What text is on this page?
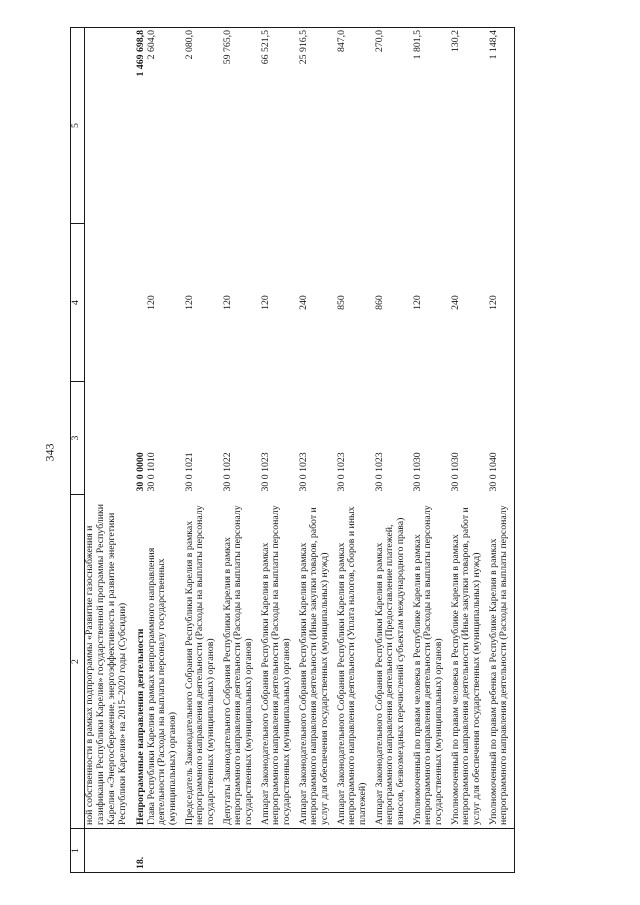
343
1	2	3	4	5
	ной собственности в рамках подпрограммы «Развитие газоснабжения и газификации Республики Карелия» государственной программы Республики Карелия «Энергосбережение, энергоэффективность и развитие энергетики Республики Карелия» на 2015–2020 годы (Субсидии)			
18.	Непрограммные направления деятельности	30 0 0000		1 469 698,8
	Глава Республики Карелия в рамках непрограммного направления деятельности (Расходы на выплаты персоналу государственных (муниципальных) органов)	30 0 1010	120	2 604,0
	Председатель Законодательного Собрания Республики Карелия в рамках непрограммного направления деятельности (Расходы на выплаты персоналу государственных (муниципальных) органов)	30 0 1021	120	2 080,0
	Депутаты Законодательного Собрания Республики Карелия в рамках непрограммного направления деятельности (Расходы на выплаты персоналу государственных (муниципальных) органов)	30 0 1022	120	59 765,0
	Аппарат Законодательного Собрания Республики Карелия в рамках непрограммного направления деятельности (Расходы на выплаты персоналу государственных (муниципальных) органов)	30 0 1023	120	66 521,5
	Аппарат Законодательного Собрания Республики Карелия в рамках непрограммного направления деятельности (Иные закупки товаров, работ и услуг для обеспечения государственных (муниципальных) нужд)	30 0 1023	240	25 916,5
	Аппарат Законодательного Собрания Республики Карелия в рамках непрограммного направления деятельности (Уплата налогов, сборов и иных платежей)	30 0 1023	850	847,0
	Аппарат Законодательного Собрания Республики Карелия в рамках непрограммного направления деятельности (Предоставление платежей, взносов, безвозмездных перечислений субъектам международного права)	30 0 1023	860	270,0
	Уполномоченный по правам человека в Республике Карелия в рамках непрограммного направления деятельности (Расходы на выплаты персоналу государственных (муниципальных) органов)	30 0 1030	120	1 801,5
	Уполномоченный по правам человека в Республике Карелия в рамках непрограммного направления деятельности (Иные закупки товаров, работ и услуг для обеспечения государственных (муниципальных) нужд)	30 0 1030	240	130,2
	Уполномоченный по правам ребенка в Республике Карелия в рамках непрограммного направления деятельности (Расходы на выплаты персоналу	30 0 1040	120	1 148,4
